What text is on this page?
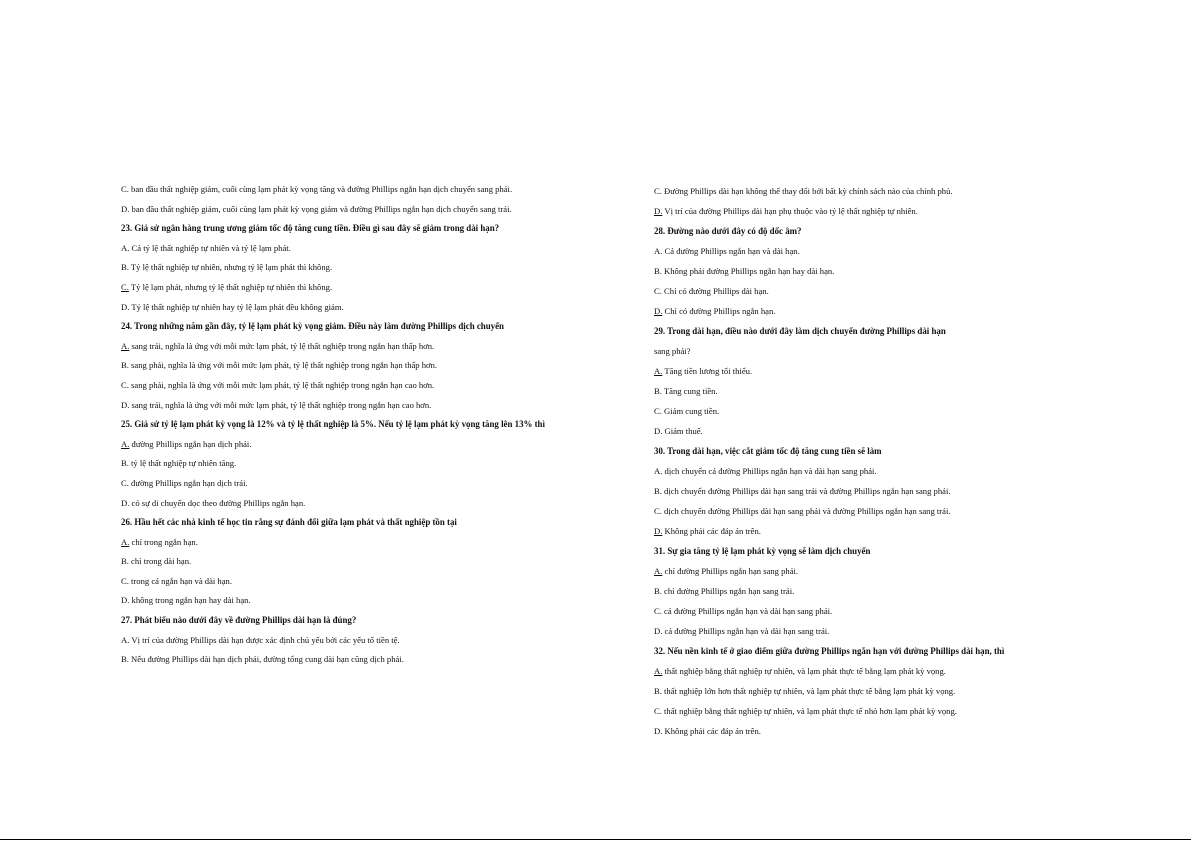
C. ban đầu thất nghiệp giảm, cuối cùng lạm phát kỳ vọng tăng và đường Phillips ngắn hạn dịch chuyển sang phải.
D. ban đầu thất nghiệp giảm, cuối cùng lạm phát kỳ vọng giảm và đường Phillips ngắn hạn dịch chuyển sang trái.
23. Giả sử ngân hàng trung ương giảm tốc độ tăng cung tiền. Điều gì sau đây sẽ giảm trong dài hạn?
A. Cả tỷ lệ thất nghiệp tự nhiên và tỷ lệ lạm phát.
B. Tỷ lệ thất nghiệp tự nhiên, nhưng tỷ lệ lạm phát thì không.
C. Tỷ lệ lạm phát, nhưng tỷ lệ thất nghiệp tự nhiên thì không.
D. Tỷ lệ thất nghiệp tự nhiên hay tỷ lệ lạm phát đều không giảm.
24. Trong những năm gần đây, tỷ lệ lạm phát kỳ vọng giảm. Điều này làm đường Phillips dịch chuyển
A. sang trái, nghĩa là ứng với mỗi mức lạm phát, tỷ lệ thất nghiệp trong ngắn hạn thấp hơn.
B. sang phải, nghĩa là ứng với mỗi mức lạm phát, tỷ lệ thất nghiệp trong ngắn hạn thấp hơn.
C. sang phải, nghĩa là ứng với mỗi mức lạm phát, tỷ lệ thất nghiệp trong ngắn hạn cao hơn.
D. sang trái, nghĩa là ứng với mỗi mức lạm phát, tỷ lệ thất nghiệp trong ngắn hạn cao hơn.
25. Giả sử tỷ lệ lạm phát kỳ vọng là 12% và tỷ lệ thất nghiệp là 5%. Nếu tỷ lệ lạm phát kỳ vọng tăng lên 13% thì
A. đường Phillips ngắn hạn dịch phải.
B. tỷ lệ thất nghiệp tự nhiên tăng.
C. đường Phillips ngắn hạn dịch trái.
D. có sự di chuyển dọc theo đường Phillips ngắn hạn.
26. Hầu hết các nhà kinh tế học tin rằng sự đánh đổi giữa lạm phát và thất nghiệp tồn tại
A. chỉ trong ngắn hạn.
B. chỉ trong dài hạn.
C. trong cả ngắn hạn và dài hạn.
D. không trong ngắn hạn hay dài hạn.
27. Phát biểu nào dưới đây về đường Phillips dài hạn là đúng?
A. Vị trí của đường Phillips dài hạn được xác định chủ yếu bởi các yếu tố tiền tệ.
B. Nếu đường Phillips dài hạn dịch phải, đường tổng cung dài hạn cũng dịch phải.
C. Đường Phillips dài hạn không thể thay đổi bởi bất kỳ chính sách nào của chính phủ.
D. Vị trí của đường Phillips dài hạn phụ thuộc vào tỷ lệ thất nghiệp tự nhiên.
28. Đường nào dưới đây có độ dốc âm?
A. Cả đường Phillips ngắn hạn và dài hạn.
B. Không phải đường Phillips ngắn hạn hay dài hạn.
C. Chỉ có đường Phillips dài hạn.
D. Chỉ có đường Phillips ngắn hạn.
29. Trong dài hạn, điều nào dưới đây làm dịch chuyển đường Phillips dài hạn
sang phải?
A. Tăng tiền lương tối thiểu.
B. Tăng cung tiền.
C. Giảm cung tiền.
D. Giảm thuế.
30. Trong dài hạn, việc cắt giảm tốc độ tăng cung tiền sẽ làm
A. dịch chuyển cả đường Phillips ngắn hạn và dài hạn sang phải.
B. dịch chuyển đường Phillips dài hạn sang trái và đường Phillips ngắn hạn sang phải.
C. dịch chuyển đường Phillips dài hạn sang phải và đường Phillips ngắn hạn sang trái.
D. Không phải các đáp án trên.
31. Sự gia tăng tỷ lệ lạm phát kỳ vọng sẽ làm dịch chuyển
A. chỉ đường Phillips ngắn hạn sang phải.
B. chỉ đường Phillips ngắn hạn sang trái.
C. cả đường Phillips ngắn hạn và dài hạn sang phải.
D. cả đường Phillips ngắn hạn và dài hạn sang trái.
32. Nếu nền kinh tế ở giao điểm giữa đường Phillips ngắn hạn với đường Phillips dài hạn, thì
A. thất nghiệp bằng thất nghiệp tự nhiên, và lạm phát thực tế bằng lạm phát kỳ vọng.
B. thất nghiệp lớn hơn thất nghiệp tự nhiên, và lạm phát thực tế bằng lạm phát kỳ vọng.
C. thất nghiệp bằng thất nghiệp tự nhiên, và lạm phát thực tế nhỏ hơn lạm phát kỳ vọng.
D. Không phải các đáp án trên.
